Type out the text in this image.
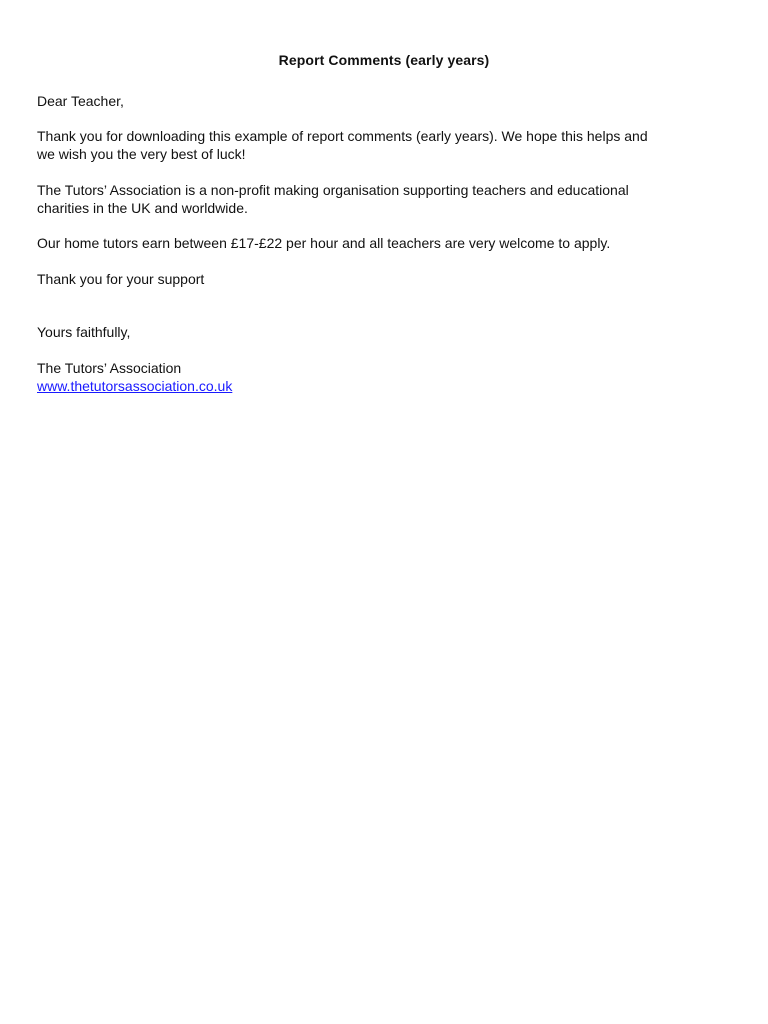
Report Comments (early years)

Dear Teacher,

Thank you for downloading this example of report comments (early years). We hope this helps and
we wish you the very best of luck!

The Tutors’ Association is a non-profit making organisation supporting teachers and educational
charities in the UK and worldwide.

Our home tutors earn between £17-£22 per hour and all teachers are very welcome to apply.

Thank you for your support

Yours faithfully,

The Tutors’ Association
www.thetutorsassociation.co.uk
